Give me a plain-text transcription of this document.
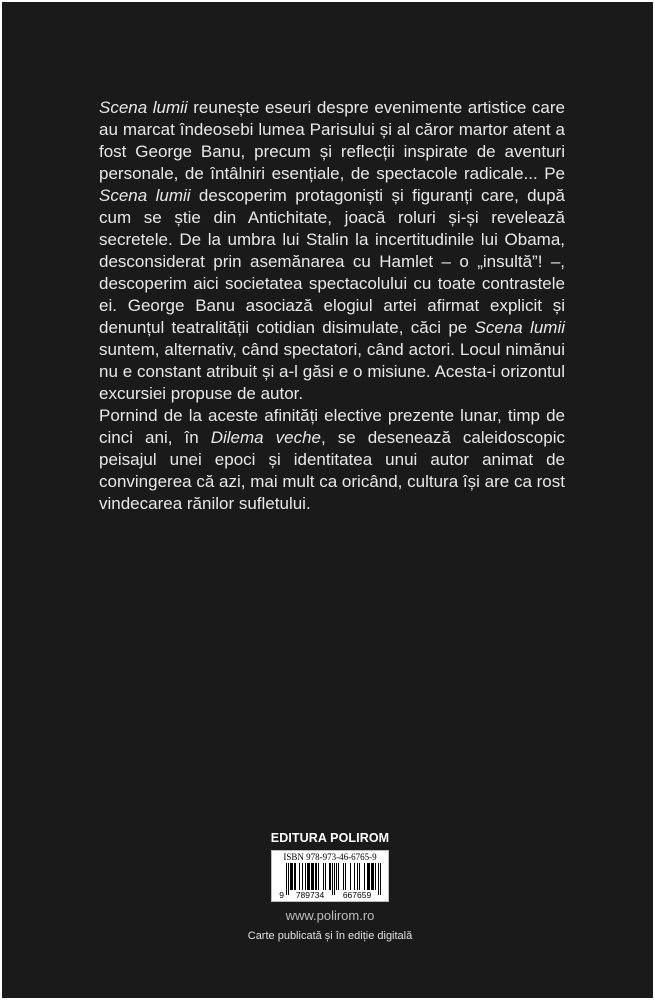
Scena lumii reunește eseuri despre evenimente artistice care au marcat îndeosebi lumea Parisului și al căror martor atent a fost George Banu, precum și reflecții inspirate de aventuri personale, de întâlniri esențiale, de spectacole radicale... Pe Scena lumii descoperim protagoniști și figuranți care, după cum se știe din Antichitate, joacă roluri și-și revelează secretele. De la umbra lui Stalin la incertitudinile lui Obama, desconsiderat prin asemănarea cu Hamlet – o „insultă”! –, descoperim aici societatea spectacolului cu toate contrastele ei. George Banu asociază elogiul artei afirmat explicit și denunțul teatralității cotidian disimulate, căci pe Scena lumii suntem, alternativ, când spectatori, când actori. Locul nimănui nu e constant atribuit și a-l găsi e o misiune. Acesta-i orizontul excursiei propuse de autor.

Pornind de la aceste afinități elective prezente lunar, timp de cinci ani, în Dilema veche, se desenează caleidoscopic peisajul unei epoci și identitatea unui autor animat de convingerea că azi, mai mult ca oricând, cultura își are ca rost vindecarea rănilor sufletului.

EDITURA POLIROM
ISBN 978-973-46-6765-9
9 789734 667659
www.polirom.ro
Carte publicată și în ediție digitală
